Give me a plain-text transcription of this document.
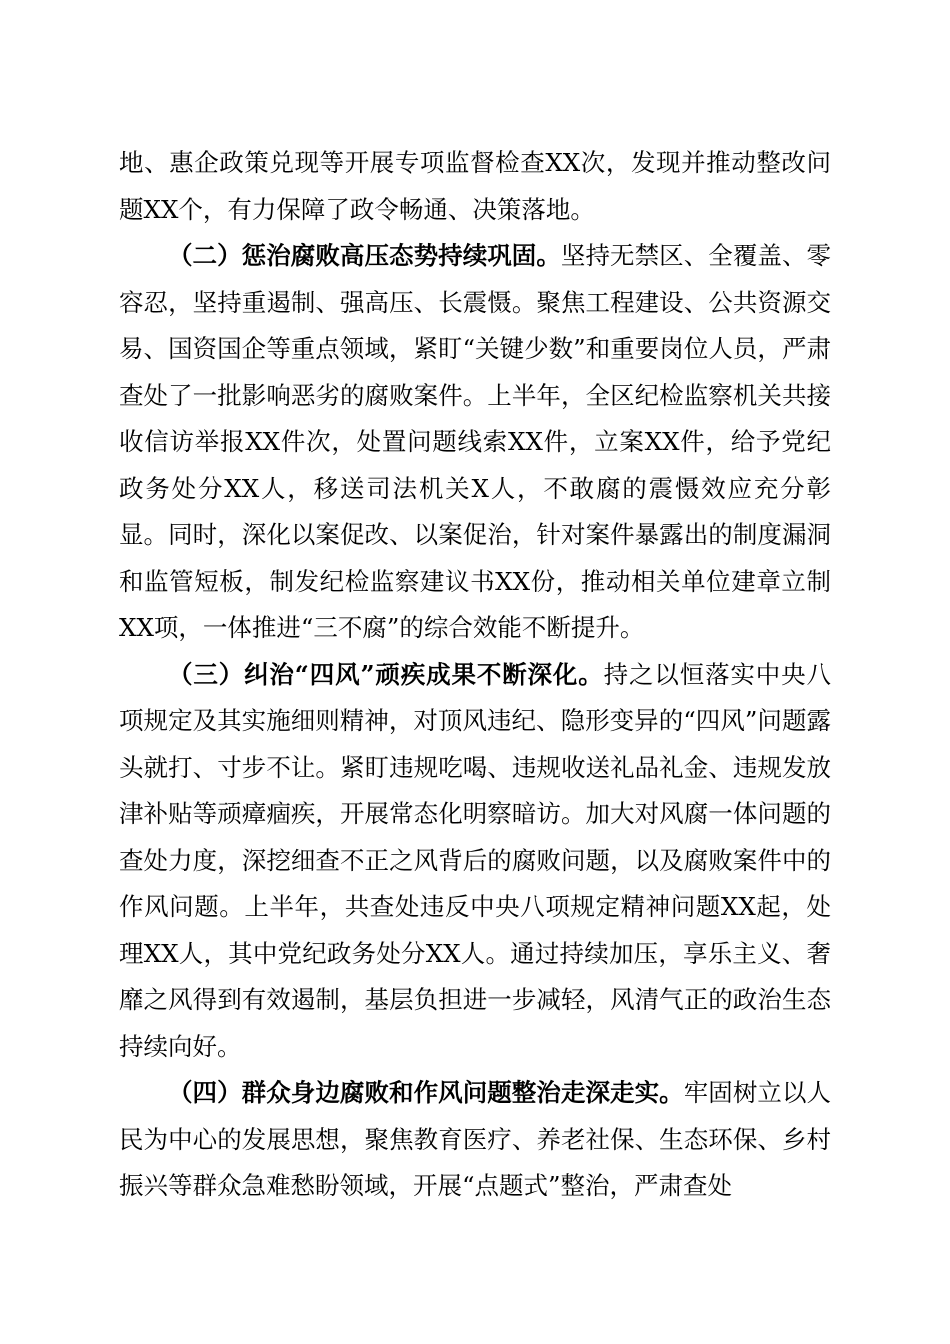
地、惠企政策兑现等开展专项监督检查XX次，发现并推动整改问题XX个，有力保障了政令畅通、决策落地。

（二）惩治腐败高压态势持续巩固。坚持无禁区、全覆盖、零容忍，坚持重遏制、强高压、长震慑。聚焦工程建设、公共资源交易、国资国企等重点领域，紧盯“关键少数”和重要岗位人员，严肃查处了一批影响恶劣的腐败案件。上半年，全区纪检监察机关共接收信访举报XX件次，处置问题线索XX件，立案XX件，给予党纪政务处分XX人，移送司法机关X人，不敢腐的震慑效应充分彰显。同时，深化以案促改、以案促治，针对案件暴露出的制度漏洞和监管短板，制发纪检监察建议书XX份，推动相关单位建章立制XX项，一体推进“三不腐”的综合效能不断提升。

（三）纠治“四风”顽疾成果不断深化。持之以恒落实中央八项规定及其实施细则精神，对顶风违纪、隐形变异的“四风”问题露头就打、寸步不让。紧盯违规吃喝、违规收送礼品礼金、违规发放津补贴等顽瘴痼疾，开展常态化明察暗访。加大对风腐一体问题的查处力度，深挖细查不正之风背后的腐败问题，以及腐败案件中的作风问题。上半年，共查处违反中央八项规定精神问题XX起，处理XX人，其中党纪政务处分XX人。通过持续加压，享乐主义、奢靡之风得到有效遏制，基层负担进一步减轻，风清气正的政治生态持续向好。

（四）群众身边腐败和作风问题整治走深走实。牢固树立以人民为中心的发展思想，聚焦教育医疗、养老社保、生态环保、乡村振兴等群众急难愁盼领域，开展“点题式”整治，严肃查处
